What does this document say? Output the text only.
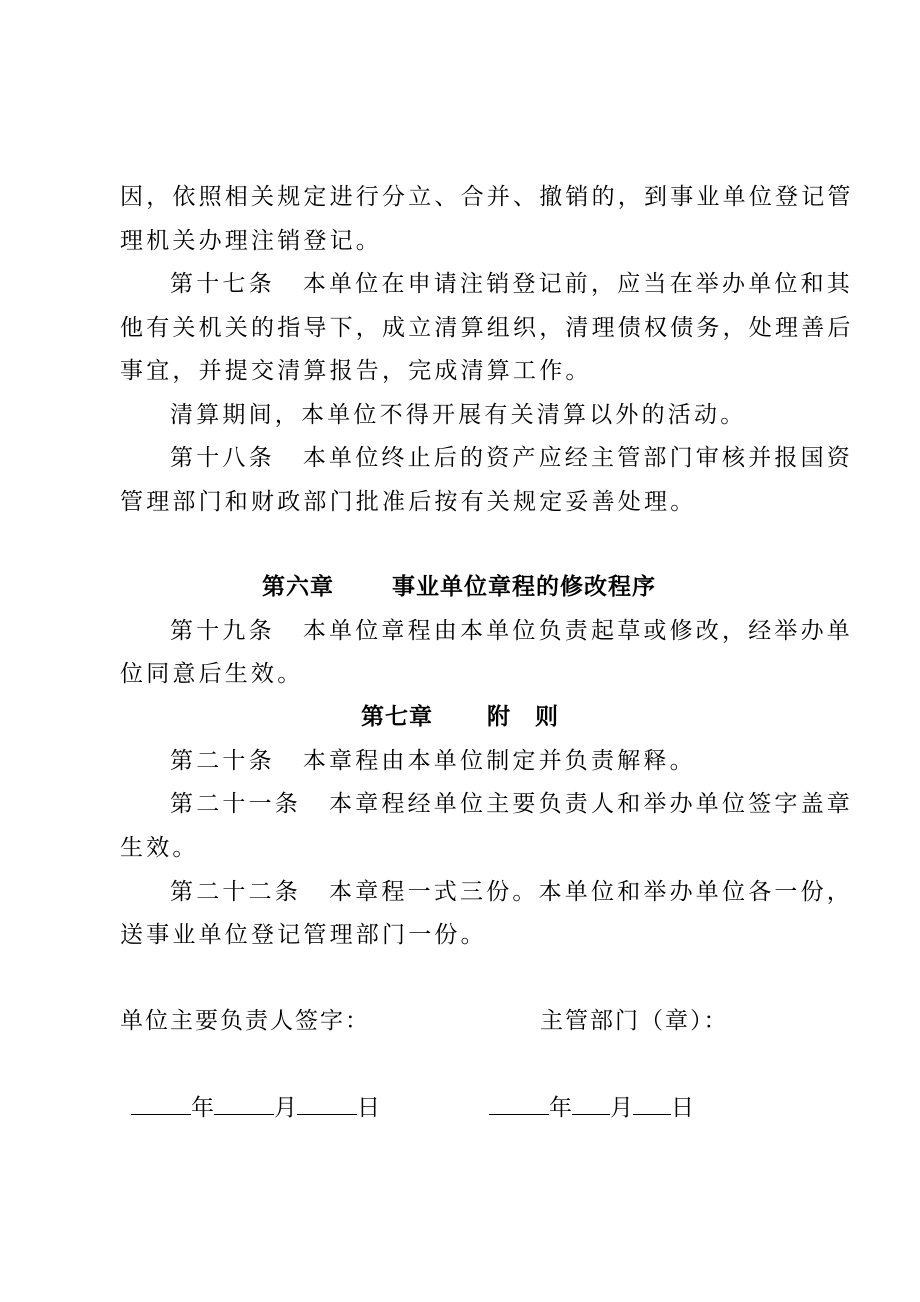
因，依照相关规定进行分立、合并、撤销的，到事业单位登记管
理机关办理注销登记。
第十七条 本单位在申请注销登记前，应当在举办单位和其
他有关机关的指导下，成立清算组织，清理债权债务，处理善后
事宜，并提交清算报告，完成清算工作。
清算期间，本单位不得开展有关清算以外的活动。
第十八条 本单位终止后的资产应经主管部门审核并报国资
管理部门和财政部门批准后按有关规定妥善处理。
第六章	事业单位章程的修改程序
第十九条 本单位章程由本单位负责起草或修改，经举办单
位同意后生效。
第七章 附　则
第二十条 本章程由本单位制定并负责解释。
第二十一条 本章程经单位主要负责人和举办单位签字盖章
生效。
第二十二条 本章程一式三份。本单位和举办单位各一份，
送事业单位登记管理部门一份。
单位主要负责人签字：	主管部门（章）：
年	月	日	年 月 日
